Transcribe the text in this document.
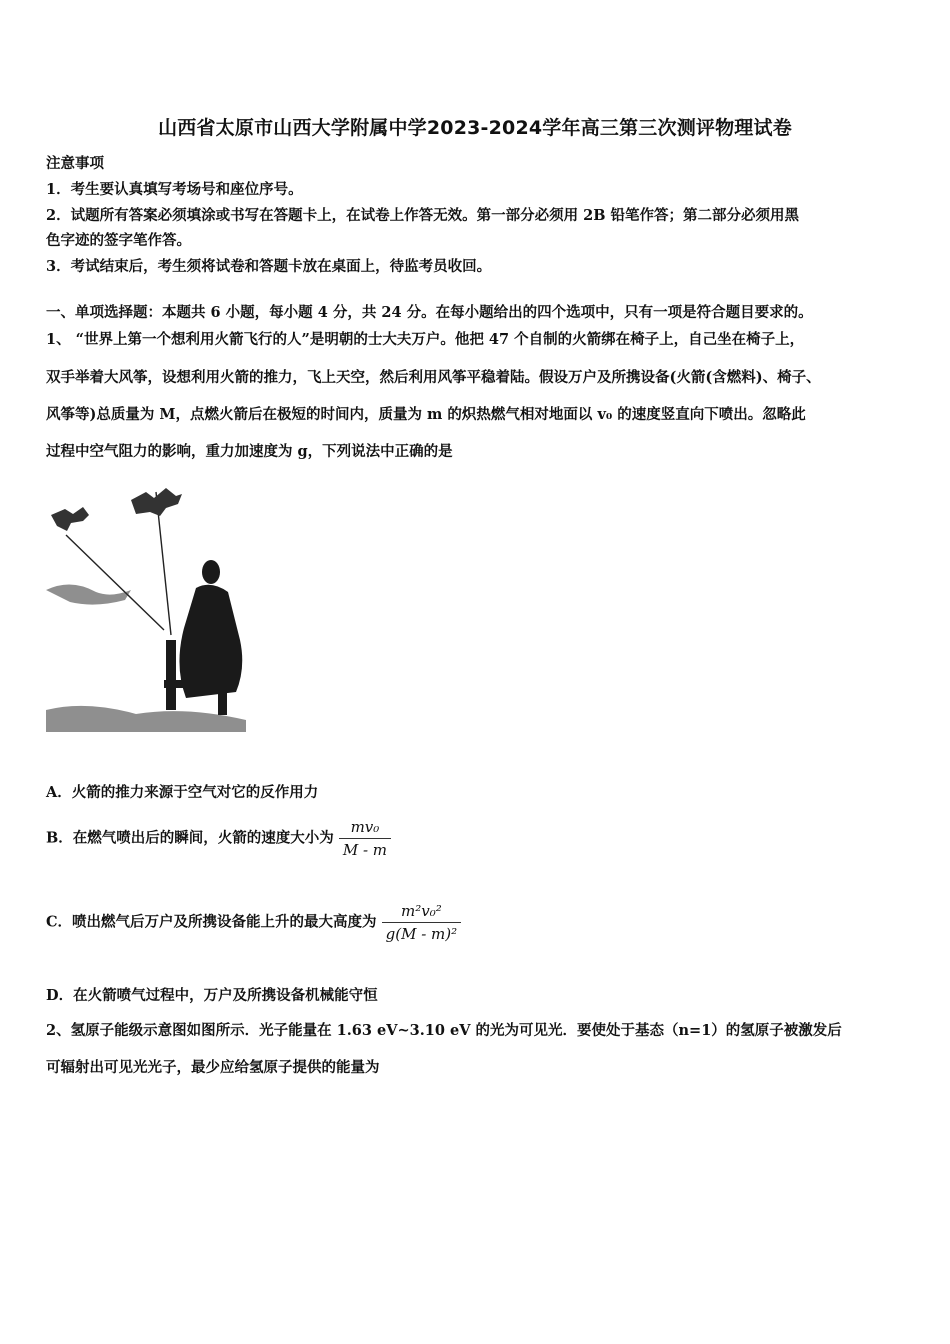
山西省太原市山西大学附属中学2023-2024学年高三第三次测评物理试卷
注意事项
1．考生要认真填写考场号和座位序号。
2．试题所有答案必须填涂或书写在答题卡上，在试卷上作答无效。第一部分必须用 2B 铅笔作答；第二部分必须用黑
色字迹的签字笔作答。
3．考试结束后，考生须将试卷和答题卡放在桌面上，待监考员收回。
一、单项选择题：本题共 6 小题，每小题 4 分，共 24 分。在每小题给出的四个选项中，只有一项是符合题目要求的。
1、 “世界上第一个想利用火箭飞行的人”是明朝的士大夫万户。他把 47 个自制的火箭绑在椅子上，自己坐在椅子上，
双手举着大风筝，设想利用火箭的推力，飞上天空，然后利用风筝平稳着陆。假设万户及所携设备(火箭(含燃料)、椅子、
风筝等)总质量为 M，点燃火箭后在极短的时间内，质量为 m 的炽热燃气相对地面以 v₀ 的速度竖直向下喷出。忽略此
过程中空气阻力的影响，重力加速度为 g，下列说法中正确的是
A．火箭的推力来源于空气对它的反作用力
B．在燃气喷出后的瞬间，火箭的速度大小为 $\frac{\text{mv₀}}{M - m}$
C．喷出燃气后万户及所携设备能上升的最大高度为 $\frac{\text{m²v₀²}}{\text{g(M - m)²}}$
D．在火箭喷气过程中，万户及所携设备机械能守恒
2、氢原子能级示意图如图所示．光子能量在 1.63 eV~3.10 eV 的光为可见光．要使处于基态（n=1）的氢原子被激发后
可辐射出可见光光子，最少应给氢原子提供的能量为
